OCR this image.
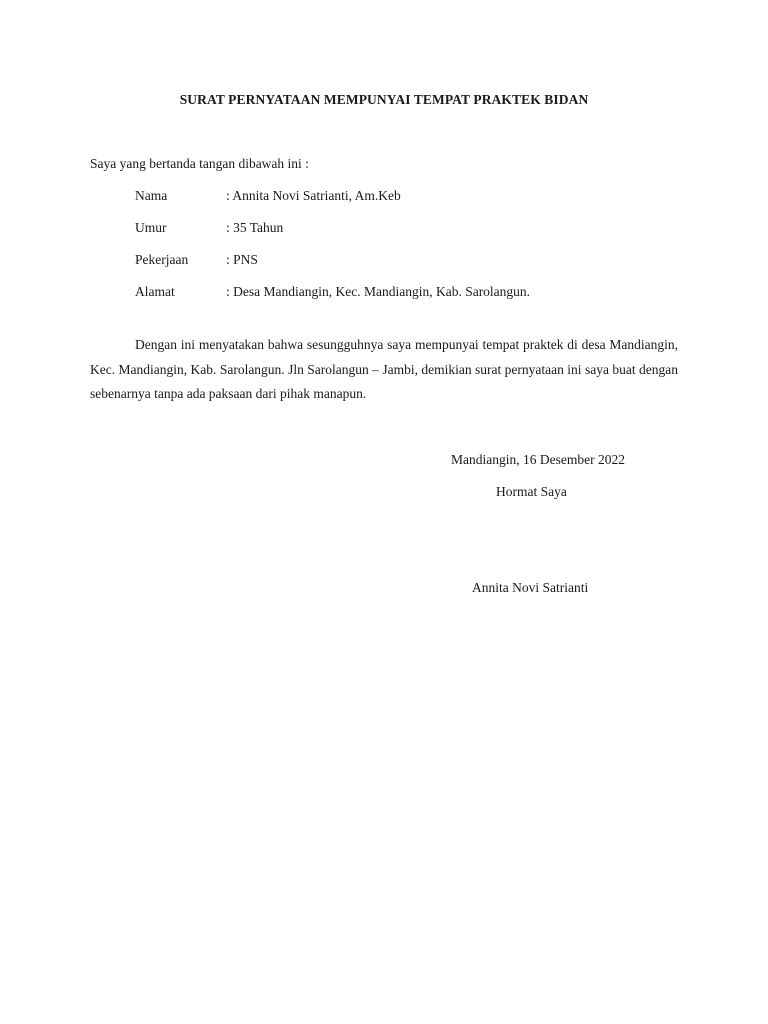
SURAT PERNYATAAN MEMPUNYAI TEMPAT PRAKTEK BIDAN
Saya yang bertanda tangan dibawah ini :
Nama	: Annita Novi Satrianti, Am.Keb
Umur	: 35 Tahun
Pekerjaan	: PNS
Alamat	: Desa Mandiangin, Kec. Mandiangin, Kab. Sarolangun.
Dengan ini menyatakan bahwa sesungguhnya saya mempunyai tempat praktek di desa Mandiangin, Kec. Mandiangin, Kab. Sarolangun. Jln Sarolangun – Jambi, demikian surat pernyataan ini saya buat dengan sebenarnya tanpa ada paksaan dari pihak manapun.
Mandiangin, 16 Desember 2022
Hormat Saya
Annita Novi Satrianti
